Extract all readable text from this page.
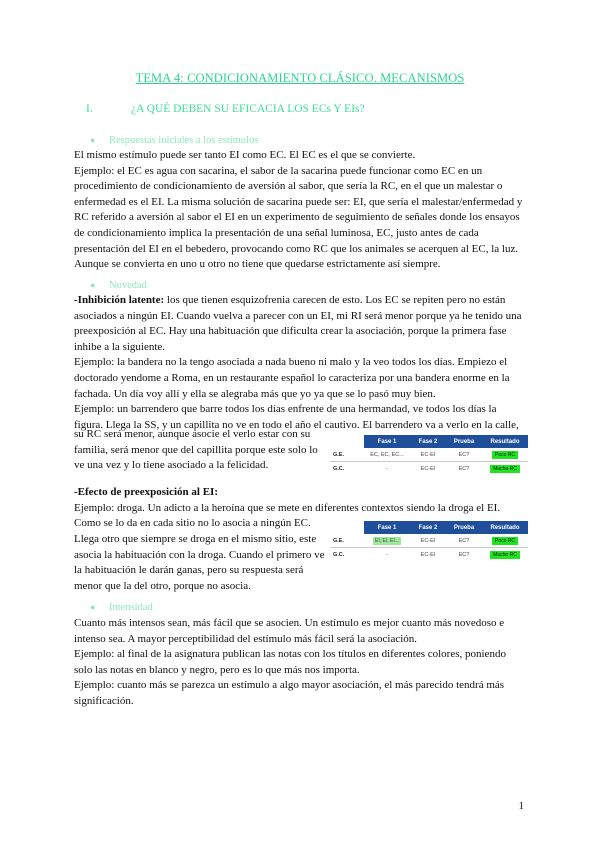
TEMA 4: CONDICIONAMIENTO CLÁSICO. MECANISMOS
I.	¿A QUÉ DEBEN SU EFICACIA LOS ECs Y EIs?
● Respuestas iniciales a los estímulos
El mismo estímulo puede ser tanto EI como EC. El EC es el que se convierte.
Ejemplo: el EC es agua con sacarina, el sabor de la sacarina puede funcionar como EC en un
procedimiento de condicionamiento de aversión al sabor, que sería la RC, en el que un malestar o
enfermedad es el EI. La misma solución de sacarina puede ser: EI, que sería el malestar/enfermedad y
RC referido a aversión al sabor el EI en un experimento de seguimiento de señales donde los ensayos
de condicionamiento implica la presentación de una señal luminosa, EC, justo antes de cada
presentación del EI en el bebedero, provocando como RC que los animales se acerquen al EC, la luz.
Aunque se convierta en uno u otro no tiene que quedarse estrictamente así siempre.
● Novedad
-Inhibición latente: los que tienen esquizofrenia carecen de esto. Los EC se repiten pero no están
asociados a ningún EI. Cuando vuelva a parecer con un EI, mi RI será menor porque ya he tenido una
preexposición al EC. Hay una habituación que dificulta crear la asociación, porque la primera fase
inhibe a la siguiente.
Ejemplo: la bandera no la tengo asociada a nada bueno ni malo y la veo todos los días. Empiezo el
doctorado yendome a Roma, en un restaurante español lo caracteriza por una bandera enorme en la
fachada. Un día voy allí y ella se alegraba más que yo ya que se lo pasó muy bien.
Ejemplo: un barrendero que barre todos los días enfrente de una hermandad, ve todos los días la
figura. Llega la SS, y un capillita no ve en todo el año el cautivo. El barrendero va a verlo en la calle,
su RC será menor, aunque asocie el verlo estar con su
familia, será menor que del capillita porque este solo lo
ve una vez y lo tiene asociado a la felicidad.
	Fase 1	Fase 2	Prueba	Resultado
G.E.	EC, EC, EC...	EC-EI	EC?	Poco RC
G.C.	-	EC-EI	EC?	Mucha RC
-Efecto de preexposición al EI:
Ejemplo: droga. Un adicto a la heroína que se mete en diferentes contextos siendo la droga el EI.
Como se lo da en cada sitio no lo asocia a ningún EC.
Llega otro que siempre se droga en el mismo sitio, este
asocia la habituación con la droga. Cuando el primero ve
la habituación le darán ganas, pero su respuesta será
menor que la del otro, porque no asocia.
	Fase 1	Fase 2	Prueba	Resultado
G.E.	EI, EI, EI...	EC-EI	EC?	Poco RC
G.C.	-	EC-EI	EC?	Mucho RC
● Intensidad
Cuanto más intensos sean, más fácil que se asocien. Un estímulo es mejor cuanto más novedoso e
intenso sea. A mayor perceptibilidad del estímulo más fácil será la asociación.
Ejemplo: al final de la asignatura publican las notas con los títulos en diferentes colores, poniendo
solo las notas en blanco y negro, pero es lo que más nos importa.
Ejemplo: cuanto más se parezca un estímulo a algo mayor asociación, el más parecido tendrá más
significación.
1
